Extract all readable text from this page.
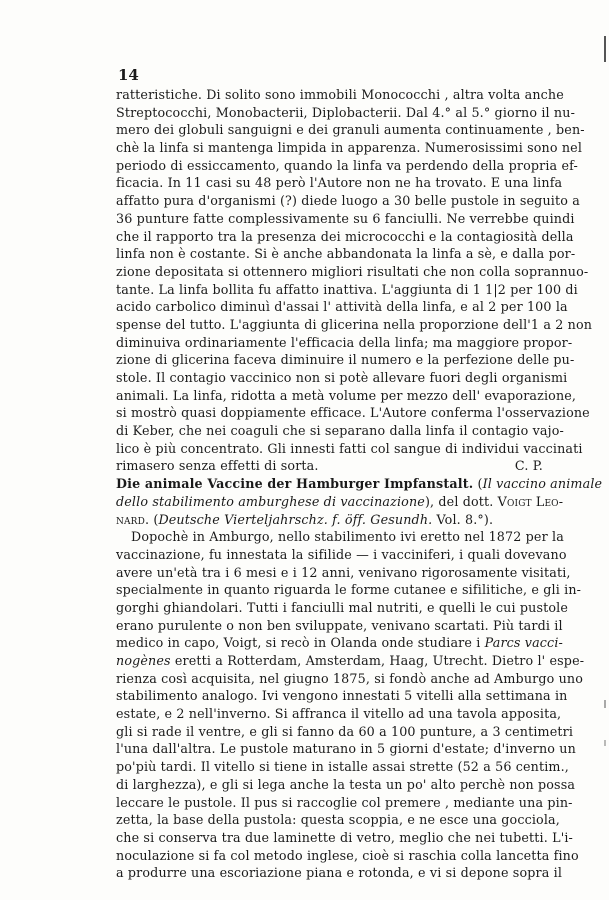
14
ratteristiche. Di solito sono immobili Monococchi , altra volta anche
Streptococchi, Monobacterii, Diplobacterii. Dal 4.° al 5.° giorno il nu-
mero dei globuli sanguigni e dei granuli aumenta continuamente , ben-
chè la linfa si mantenga limpida in apparenza. Numerosissimi sono nel
periodo di essiccamento, quando la linfa va perdendo della propria ef-
ficacia. In 11 casi su 48 però l'Autore non ne ha trovato. E una linfa
affatto pura d'organismi (?) diede luogo a 30 belle pustole in seguito a
36 punture fatte complessivamente su 6 fanciulli. Ne verrebbe quindi
che il rapporto tra la presenza dei micrococchi e la contagiosità della
linfa non è costante. Si è anche abbandonata la linfa a sè, e dalla por-
zione depositata si ottennero migliori risultati che non colla soprannuo-
tante. La linfa bollita fu affatto inattiva. L'aggiunta di 1 1|2 per 100 di
acido carbolico diminuì d'assai l' attività della linfa, e al 2 per 100 la
spense del tutto. L'aggiunta di glicerina nella proporzione dell'1 a 2 non
diminuiva ordinariamente l'efficacia della linfa; ma maggiore propor-
zione di glicerina faceva diminuire il numero e la perfezione delle pu-
stole. Il contagio vaccinico non si potè allevare fuori degli organismi
animali. La linfa, ridotta a metà volume per mezzo dell' evaporazione,
si mostrò quasi doppiamente efficace. L'Autore conferma l'osservazione
di Keber, che nei coaguli che si separano dalla linfa il contagio vajo-
lico è più concentrato. Gli innesti fatti col sangue di individui vaccinati
rimasero senza effetti di sorta.	C. P.
Die animale Vaccine der Hamburger Impfanstalt. (Il vaccino animale
dello stabilimento amburghese di vaccinazione), del dott. Voigt Leo-
nard. (Deutsche Vierteljahrschz. f. öff. Gesundh. Vol. 8.°).
Dopochè in Amburgo, nello stabilimento ivi eretto nel 1872 per la
vaccinazione, fu innestata la sifilide — i vacciniferi, i quali dovevano
avere un'età tra i 6 mesi e i 12 anni, venivano rigorosamente visitati,
specialmente in quanto riguarda le forme cutanee e sifilitiche, e gli in-
gorghi ghiandolari. Tutti i fanciulli mal nutriti, e quelli le cui pustole
erano purulente o non ben sviluppate, venivano scartati. Più tardi il
medico in capo, Voigt, si recò in Olanda onde studiare i Parcs vacci-
nogènes eretti a Rotterdam, Amsterdam, Haag, Utrecht. Dietro l' espe-
rienza così acquisita, nel giugno 1875, si fondò anche ad Amburgo uno
stabilimento analogo. Ivi vengono innestati 5 vitelli alla settimana in
estate, e 2 nell'inverno. Si affranca il vitello ad una tavola apposita,
gli si rade il ventre, e gli si fanno da 60 a 100 punture, a 3 centimetri
l'una dall'altra. Le pustole maturano in 5 giorni d'estate; d'inverno un
po'più tardi. Il vitello si tiene in istalle assai strette (52 a 56 centim.,
di larghezza), e gli si lega anche la testa un po' alto perchè non possa
leccare le pustole. Il pus si raccoglie col premere , mediante una pin-
zetta, la base della pustola: questa scoppia, e ne esce una gocciola,
che si conserva tra due laminette di vetro, meglio che nei tubetti. L'i-
noculazione si fa col metodo inglese, cioè si raschia colla lancetta fino
a produrre una escoriazione piana e rotonda, e vi si depone sopra il
